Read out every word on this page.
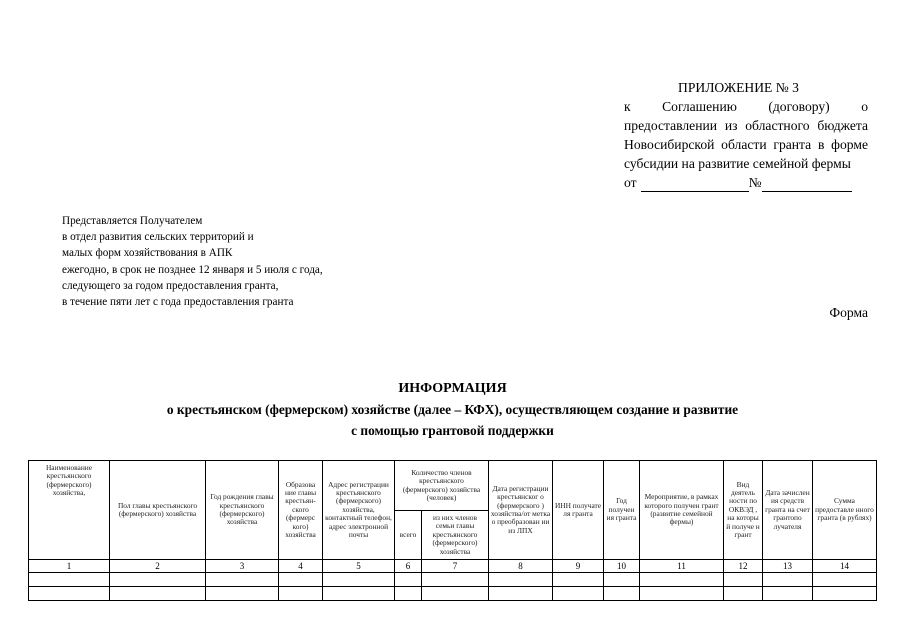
ПРИЛОЖЕНИЕ № 3
к Соглашению (договору) о предоставлении из областного бюджета Новосибирской области гранта в форме субсидии на развитие семейной фермы
от	№
Представляется Получателем
в отдел развития сельских территорий и
малых форм хозяйствования в АПК
ежегодно, в срок не позднее 12 января и 5 июля с года,
следующего за годом предоставления гранта,
в течение пяти лет с года предоставления гранта
Форма
ИНФОРМАЦИЯ
о крестьянском (фермерском) хозяйстве (далее – КФХ), осуществляющем создание и развитие
с помощью грантовой поддержки
Наименование крестьянского (фермерского) хозяйства,	Пол главы крестьянского (фермерского) хозяйства	Год рождения главы крестьянского (фермерского) хозяйства	Образова ние главы крестьян- ского (фермерс кого) хозяйства	Адрес регистрации крестьянского (фермерского) хозяйства, контактный телефон, адрес электронной почты	Количество членов крестьянского (фермерского) хозяйства (человек)		Дата регистрации крестьянског о (фермерского ) хозяйства/от метка о преобразован ии из ЛПХ	ИНН получате ля гранта	Год получен ия гранта	Мероприятие, в рамках которого получен грант (развитие семейной фермы)	Вид деятель ности по ОКВЭД , на которы й получе н грант	Дата зачислен ия средств гранта на счет грантопо лучателя	Сумма предоставле нного гранта (в рублях)
					всего	из них членов семьи главы крестьянского (фермерского) хозяйства							
1	2	3	4	5	6	7	8	9	10	11	12	13	14
